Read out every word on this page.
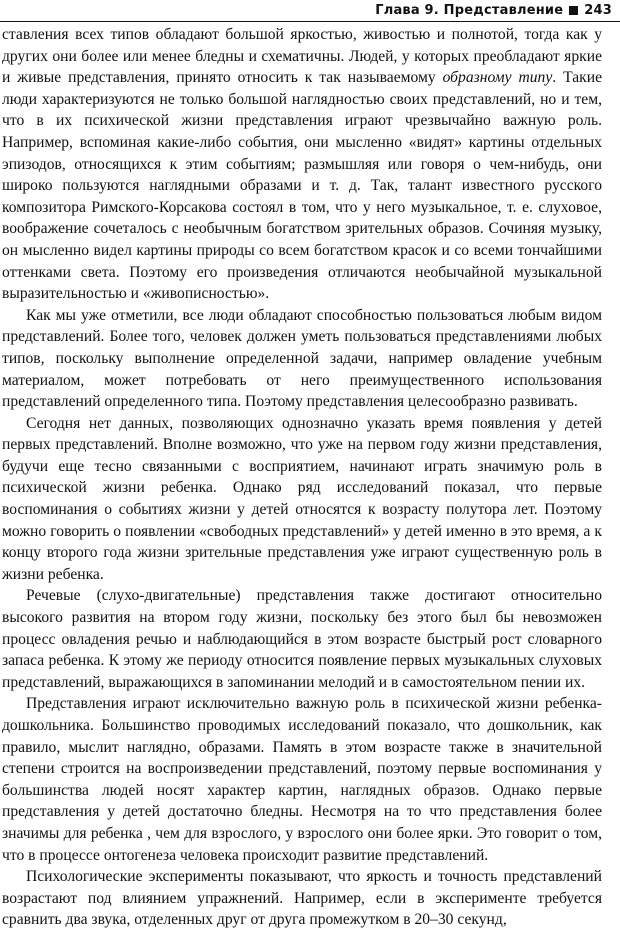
Глава 9. Представление 243

ставления всех типов обладают большой яркостью, живостью и полнотой, тогда как у других они более или менее бледны и схематичны. Людей, у которых преобладают яркие и живые представления, принято относить к так называемому образному типу. Такие люди характеризуются не только большой наглядностью своих представлений, но и тем, что в их психической жизни представления играют чрезвычайно важную роль. Например, вспоминая какие-либо события, они мысленно «видят» картины отдельных эпизодов, относящихся к этим событиям; размышляя или говоря о чем-нибудь, они широко пользуются наглядными образами и т. д. Так, талант известного русского композитора Римского-Корсакова состоял в том, что у него музыкальное, т. е. слуховое, воображение сочеталось с необычным богатством зрительных образов. Сочиняя музыку, он мысленно видел картины природы со всем богатством красок и со всеми тончайшими оттенками света. Поэтому его произведения отличаются необычайной музыкальной выразительностью и «живописностью».

Как мы уже отметили, все люди обладают способностью пользоваться любым видом представлений. Более того, человек должен уметь пользоваться представлениями любых типов, поскольку выполнение определенной задачи, например овладение учебным материалом, может потребовать от него преимущественного использования представлений определенного типа. Поэтому представления целесообразно развивать.

Сегодня нет данных, позволяющих однозначно указать время появления у детей первых представлений. Вполне возможно, что уже на первом году жизни представления, будучи еще тесно связанными с восприятием, начинают играть значимую роль в психической жизни ребенка. Однако ряд исследований показал, что первые воспоминания о событиях жизни у детей относятся к возрасту полутора лет. Поэтому можно говорить о появлении «свободных представлений» у детей именно в это время, а к концу второго года жизни зрительные представления уже играют существенную роль в жизни ребенка.

Речевые (слухо-двигательные) представления также достигают относительно высокого развития на втором году жизни, поскольку без этого был бы невозможен процесс овладения речью и наблюдающийся в этом возрасте быстрый рост словарного запаса ребенка. К этому же периоду относится появление первых музыкальных слуховых представлений, выражающихся в запоминании мелодий и в самостоятельном пении их.

Представления играют исключительно важную роль в психической жизни ребенка-дошкольника. Большинство проводимых исследований показало, что дошкольник, как правило, мыслит наглядно, образами. Память в этом возрасте также в значительной степени строится на воспроизведении представлений, поэтому первые воспоминания у большинства людей носят характер картин, наглядных образов. Однако первые представления у детей достаточно бледны. Несмотря на то что представления более значимы для ребенка , чем для взрослого, у взрослого они более ярки. Это говорит о том, что в процессе онтогенеза человека происходит развитие представлений.

Психологические эксперименты показывают, что яркость и точность представлений возрастают под влиянием упражнений. Например, если в эксперименте требуется сравнить два звука, отделенных друг от друга промежутком в 20–30 секунд,
